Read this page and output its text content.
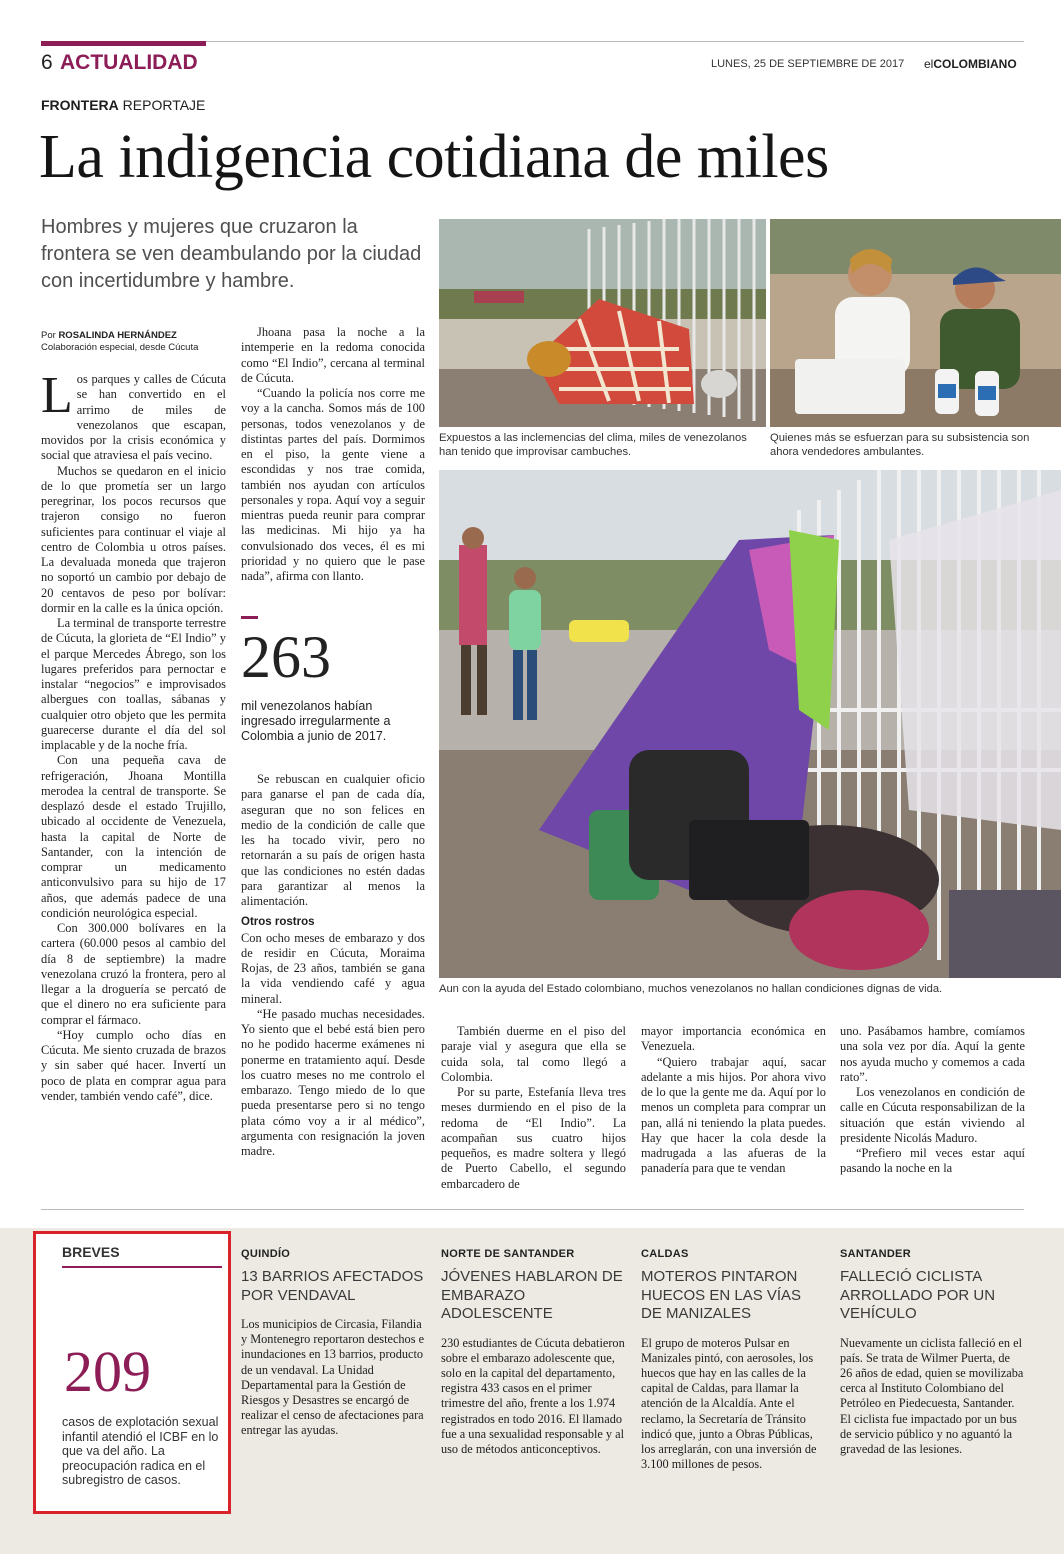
6 ACTUALIDAD	LUNES, 25 DE SEPTIEMBRE DE 2017 elCOLOMBIANO
FRONTERA REPORTAJE
La indigencia cotidiana de miles
Hombres y mujeres que cruzaron la frontera se ven deambulando por la ciudad con incertidumbre y hambre.
Por ROSALINDA HERNÁNDEZ
Colaboración especial, desde Cúcuta

Los parques y calles de Cúcuta se han convertido en el arrimo de miles de venezolanos que escapan, movidos por la crisis económica y social que atraviesa el país vecino.

Muchos se quedaron en el inicio de lo que prometía ser un largo peregrinar, los pocos recursos que trajeron consigo no fueron suficientes para continuar el viaje al centro de Colombia u otros países. La devaluada moneda que trajeron no soportó un cambio por debajo de 20 centavos de peso por bolívar: dormir en la calle es la única opción.

La terminal de transporte terrestre de Cúcuta, la glorieta de “El Indio” y el parque Mercedes Ábrego, son los lugares preferidos para pernoctar e instalar “negocios” e improvisados albergues con toallas, sábanas y cualquier otro objeto que les permita guarecerse durante el día del sol implacable y de la noche fría.

Con una pequeña cava de refrigeración, Jhoana Montilla merodea la central de transporte. Se desplazó desde el estado Trujillo, ubicado al occidente de Venezuela, hasta la capital de Norte de Santander, con la intención de comprar un medicamento anticonvulsivo para su hijo de 17 años, que además padece de una condición neurológica especial.

Con 300.000 bolívares en la cartera (60.000 pesos al cambio del día 8 de septiembre) la madre venezolana cruzó la frontera, pero al llegar a la droguería se percató de que el dinero no era suficiente para comprar el fármaco.

“Hoy cumplo ocho días en Cúcuta. Me siento cruzada de brazos y sin saber qué hacer. Invertí un poco de plata en comprar agua para vender, también vendo café”, dice.

Jhoana pasa la noche a la intemperie en la redoma conocida como “El Indio”, cercana al terminal de Cúcuta.

“Cuando la policía nos corre me voy a la cancha. Somos más de 100 personas, todos venezolanos y de distintas partes del país. Dormimos en el piso, la gente viene a escondidas y nos trae comida, también nos ayudan con artículos personales y ropa. Aquí voy a seguir mientras pueda reunir para comprar las medicinas. Mi hijo ya ha convulsionado dos veces, él es mi prioridad y no quiero que le pase nada”, afirma con llanto.

263
mil venezolanos habían ingresado irregularmente a Colombia a junio de 2017.

Se rebuscan en cualquier oficio para ganarse el pan de cada día, aseguran que no son felices en medio de la condición de calle que les ha tocado vivir, pero no retornarán a su país de origen hasta que las condiciones no estén dadas para garantizar al menos la alimentación.

Otros rostros

Con ocho meses de embarazo y dos de residir en Cúcuta, Moraima Rojas, de 23 años, también se gana la vida vendiendo café y agua mineral.

“He pasado muchas necesidades. Yo siento que el bebé está bien pero no he podido hacerme exámenes ni ponerme en tratamiento aquí. Desde los cuatro meses no me controlo el embarazo. Tengo miedo de lo que pueda presentarse pero si no tengo plata cómo voy a ir al médico”, argumenta con resignación la joven madre.

Expuestos a las inclemencias del clima, miles de venezolanos han tenido que improvisar cambuches.
Quienes más se esfuerzan para su subsistencia son ahora vendedores ambulantes.
Aun con la ayuda del Estado colombiano, muchos venezolanos no hallan condiciones dignas de vida.

También duerme en el piso del paraje vial y asegura que ella se cuida sola, tal como llegó a Colombia.

Por su parte, Estefanía lleva tres meses durmiendo en el piso de la redoma de “El Indio”. La acompañan sus cuatro hijos pequeños, es madre soltera y llegó de Puerto Cabello, el segundo embarcadero de

mayor importancia económica en Venezuela.

“Quiero trabajar aquí, sacar adelante a mis hijos. Por ahora vivo de lo que la gente me da. Aquí por lo menos un completa para comprar un pan, allá ni teniendo la plata puedes. Hay que hacer la cola desde la madrugada a las afueras de la panadería para que te vendan

uno. Pasábamos hambre, comíamos una sola vez por día. Aquí la gente nos ayuda mucho y comemos a cada rato”.

Los venezolanos en condición de calle en Cúcuta responsabilizan de la situación que están viviendo al presidente Nicolás Maduro.

“Prefiero mil veces estar aquí pasando la noche en la

BREVES
209
casos de explotación sexual infantil atendió el ICBF en lo que va del año. La preocupación radica en el subregistro de casos.
QUINDÍO
13 BARRIOS AFECTADOS POR VENDAVAL
Los municipios de Circasia, Filandia y Montenegro reportaron destechos e inundaciones en 13 barrios, producto de un vendaval. La Unidad Departamental para la Gestión de Riesgos y Desastres se encargó de realizar el censo de afectaciones para entregar las ayudas.
NORTE DE SANTANDER
JÓVENES HABLARON DE EMBARAZO ADOLESCENTE
230 estudiantes de Cúcuta debatieron sobre el embarazo adolescente que, solo en la capital del departamento, registra 433 casos en el primer trimestre del año, frente a los 1.974 registrados en todo 2016. El llamado fue a una sexualidad responsable y al uso de métodos anticonceptivos.
CALDAS
MOTEROS PINTARON HUECOS EN LAS VÍAS DE MANIZALES
El grupo de moteros Pulsar en Manizales pintó, con aerosoles, los huecos que hay en las calles de la capital de Caldas, para llamar la atención de la Alcaldía. Ante el reclamo, la Secretaría de Tránsito indicó que, junto a Obras Públicas, los arreglarán, con una inversión de 3.100 millones de pesos.
SANTANDER
FALLECIÓ CICLISTA ARROLLADO POR UN VEHÍCULO
Nuevamente un ciclista falleció en el país. Se trata de Wilmer Puerta, de 26 años de edad, quien se movilizaba cerca al Instituto Colombiano del Petróleo en Piedecuesta, Santander. El ciclista fue impactado por un bus de servicio público y no aguantó la gravedad de las lesiones.
